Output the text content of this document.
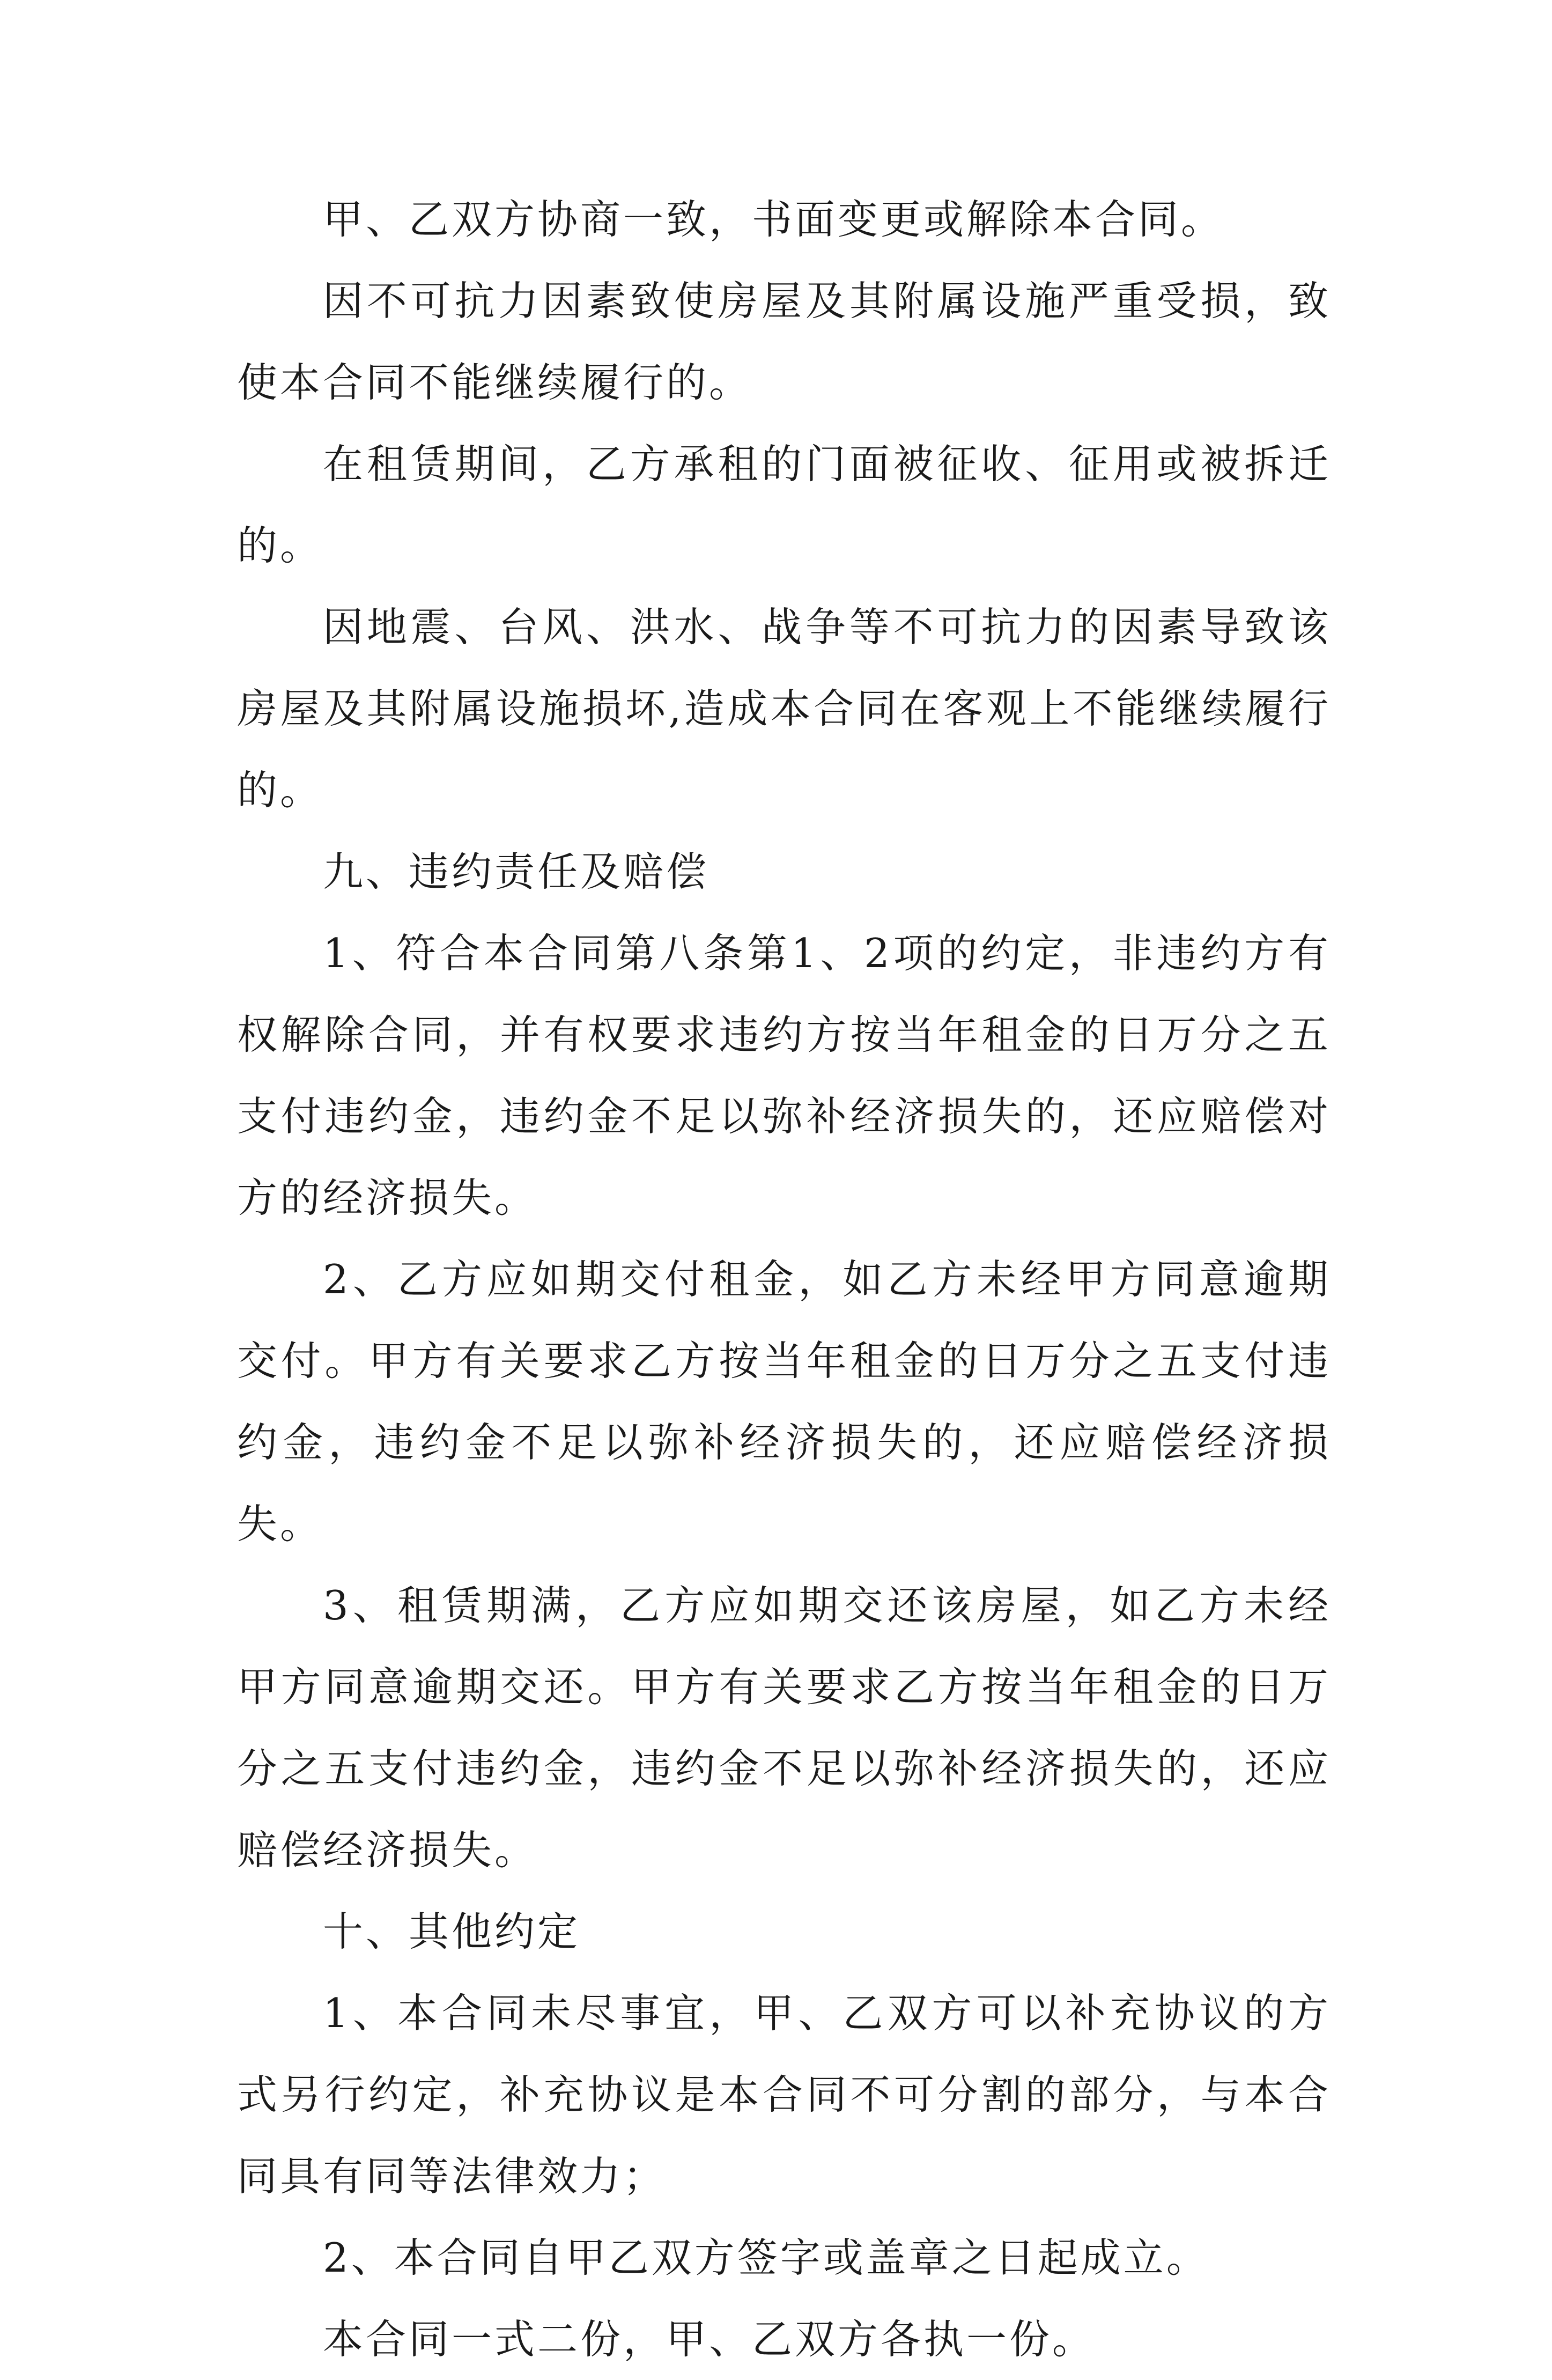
甲、乙双方协商一致，书面变更或解除本合同。

因不可抗力因素致使房屋及其附属设施严重受损，致使本合同不能继续履行的。

在租赁期间，乙方承租的门面被征收、征用或被拆迁的。

因地震、台风、洪水、战争等不可抗力的因素导致该房屋及其附属设施损坏,造成本合同在客观上不能继续履行的。

九、违约责任及赔偿

1、符合本合同第八条第1、2项的约定，非违约方有权解除合同，并有权要求违约方按当年租金的日万分之五支付违约金，违约金不足以弥补经济损失的，还应赔偿对方的经济损失。

2、乙方应如期交付租金，如乙方未经甲方同意逾期交付。甲方有关要求乙方按当年租金的日万分之五支付违约金，违约金不足以弥补经济损失的，还应赔偿经济损失。

3、租赁期满，乙方应如期交还该房屋，如乙方未经甲方同意逾期交还。甲方有关要求乙方按当年租金的日万分之五支付违约金，违约金不足以弥补经济损失的，还应赔偿经济损失。

十、其他约定

1、本合同未尽事宜，甲、乙双方可以补充协议的方式另行约定，补充协议是本合同不可分割的部分，与本合同具有同等法律效力；

2、本合同自甲乙双方签字或盖章之日起成立。

本合同一式二份，甲、乙双方各执一份。
